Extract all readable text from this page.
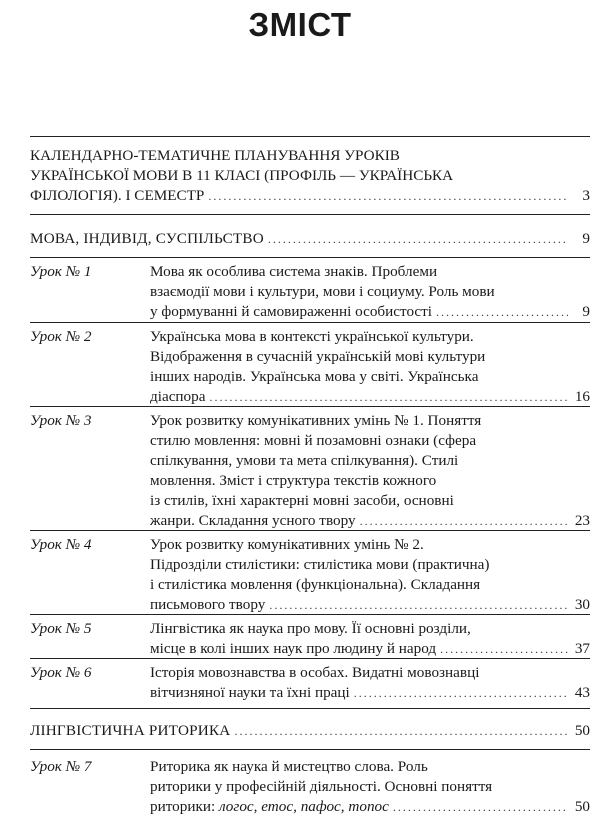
ЗМІСТ
КАЛЕНДАРНО-ТЕМАТИЧНЕ ПЛАНУВАННЯ УРОКІВ
УКРАЇНСЬКОЇ МОВИ В 11 КЛАСІ (ПРОФІЛЬ — УКРАЇНСЬКА
ФІЛОЛОГІЯ). І СЕМЕСТР . . .	3
МОВА, ІНДИВІД, СУСПІЛЬСТВО . . .	9
Урок № 1	Мова як особлива система знаків. Проблеми
взаємодії мови і культури, мови і социуму. Роль мови
у формуванні й самовираженні особистості . . .	9
Урок № 2	Українська мова в контексті української культури.
Відображення в сучасній українській мові культури
інших народів. Українська мова у світі. Українська
діаспора . . .	16
Урок № 3	Урок розвитку комунікативних умінь № 1. Поняття
стилю мовлення: мовні й позамовні ознаки (сфера
спілкування, умови та мета спілкування). Стилі
мовлення. Зміст і структура текстів кожного
із стилів, їхні характерні мовні засоби, основні
жанри. Складання усного твору . . .	23
Урок № 4	Урок розвитку комунікативних умінь № 2.
Підрозділи стилістики: стилістика мови (практична)
і стилістика мовлення (функціональна). Складання
письмового твору . . .	30
Урок № 5	Лінгвістика як наука про мову. Її основні розділи,
місце в колі інших наук про людину й народ . . .	37
Урок № 6	Історія мовознавства в особах. Видатні мовознавці
вітчизняної науки та їхні праці . . .	43
ЛІНГВІСТИЧНА РИТОРИКА . . .	50
Урок № 7	Риторика як наука й мистецтво слова. Роль
риторики у професійній діяльності. Основні поняття
риторики: логос, етос, пафос, топос . . .	50
